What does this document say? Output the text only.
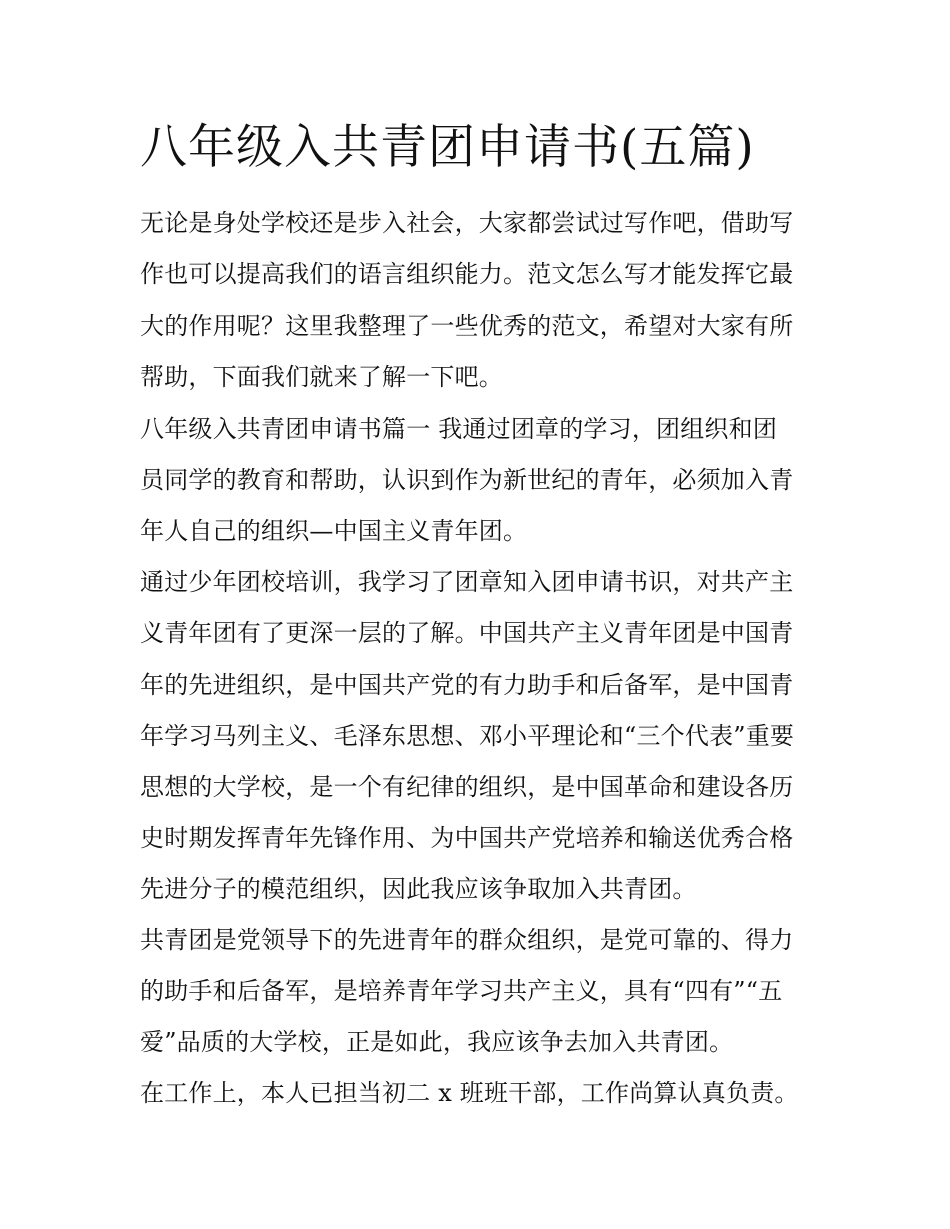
八年级入共青团申请书(五篇)

无论是身处学校还是步入社会，大家都尝试过写作吧，借助写

作也可以提高我们的语言组织能力。范文怎么写才能发挥它最

大的作用呢？这里我整理了一些优秀的范文，希望对大家有所

帮助，下面我们就来了解一下吧。

八年级入共青团申请书篇一 我通过团章的学习，团组织和团

员同学的教育和帮助，认识到作为新世纪的青年，必须加入青

年人自己的组织—中国主义青年团。

通过少年团校培训，我学习了团章知入团申请书识，对共产主

义青年团有了更深一层的了解。中国共产主义青年团是中国青

年的先进组织，是中国共产党的有力助手和后备军，是中国青

年学习马列主义、毛泽东思想、邓小平理论和“三个代表”重要

思想的大学校，是一个有纪律的组织，是中国革命和建设各历

史时期发挥青年先锋作用、为中国共产党培养和输送优秀合格

先进分子的模范组织，因此我应该争取加入共青团。

共青团是党领导下的先进青年的群众组织，是党可靠的、得力

的助手和后备军，是培养青年学习共产主义，具有“四有”“五

爱”品质的大学校，正是如此，我应该争去加入共青团。

在工作上，本人已担当初二 x 班班干部，工作尚算认真负责。
